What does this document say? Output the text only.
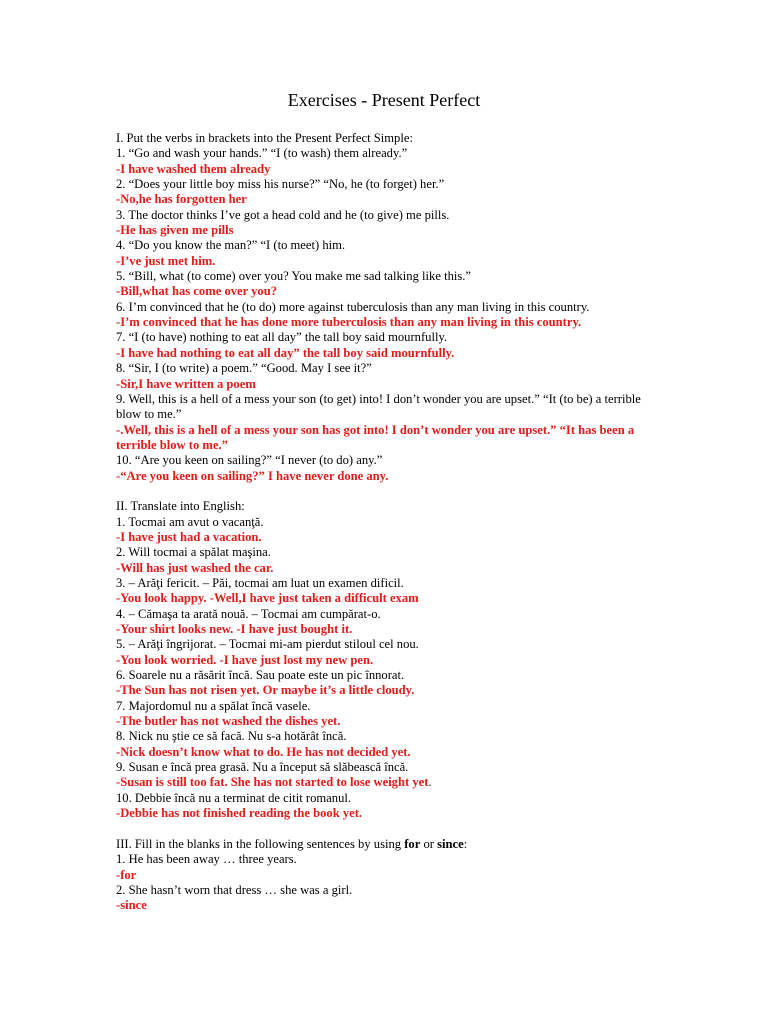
Exercises - Present Perfect
I. Put the verbs in brackets into the Present Perfect Simple:
1. “Go and wash your hands.” “I (to wash) them already.”
-I have washed them already
2. “Does your little boy miss his nurse?” “No, he (to forget) her.”
-No,he has forgotten her
3. The doctor thinks I’ve got a head cold and he (to give) me pills.
-He has given me pills
4. “Do you know the man?” “I (to meet) him.
-I’ve just met him.
5. “Bill, what (to come) over you? You make me sad talking like this.”
-Bill,what has come over you?
6. I’m convinced that he (to do) more against tuberculosis than any man living in this country.
-I’m convinced that he has done more tuberculosis than any man living in this country.
7. “I (to have) nothing to eat all day” the tall boy said mournfully.
-I have had nothing to eat all day” the tall boy said mournfully.
8. “Sir, I (to write) a poem.” “Good. May I see it?”
-Sir,I have written a poem
9. Well, this is a hell of a mess your son (to get) into! I don’t wonder you are upset.” “It (to be) a terrible blow to me.”
-.Well, this is a hell of a mess your son has got into! I don’t wonder you are upset.” “It has been a terrible blow to me.”
10. “Are you keen on sailing?” “I never (to do) any.”
-“Are you keen on sailing?” I have never done any.
II. Translate into English:
1. Tocmai am avut o vacanţă.
-I have just had a vacation.
2. Will tocmai a spălat maşina.
-Will has just washed the car.
3. – Arăţi fericit. – Păi, tocmai am luat un examen dificil.
-You look happy. -Well,I have just taken a difficult exam
4. – Cămaşa ta arată nouă. – Tocmai am cumpărat-o.
-Your shirt looks new. -I have just bought it.
5. – Arăţi îngrijorat. – Tocmai mi-am pierdut stiloul cel nou.
-You look worried. -I have just lost my new pen.
6. Soarele nu a răsărit încă. Sau poate este un pic înnorat.
-The Sun has not risen yet. Or maybe it’s a little cloudy.
7. Majordomul nu a spălat încă vasele.
-The butler has not washed the dishes yet.
8. Nick nu ştie ce să facă. Nu s-a hotărât încă.
-Nick doesn’t know what to do. He has not decided yet.
9. Susan e încă prea grasă. Nu a început să slăbească încă.
-Susan is still too fat. She has not started to lose weight yet.
10. Debbie încă nu a terminat de citit romanul.
-Debbie has not finished reading the book yet.
III. Fill in the blanks in the following sentences by using for or since:
1. He has been away … three years.
-for
2. She hasn’t worn that dress … she was a girl.
-since
